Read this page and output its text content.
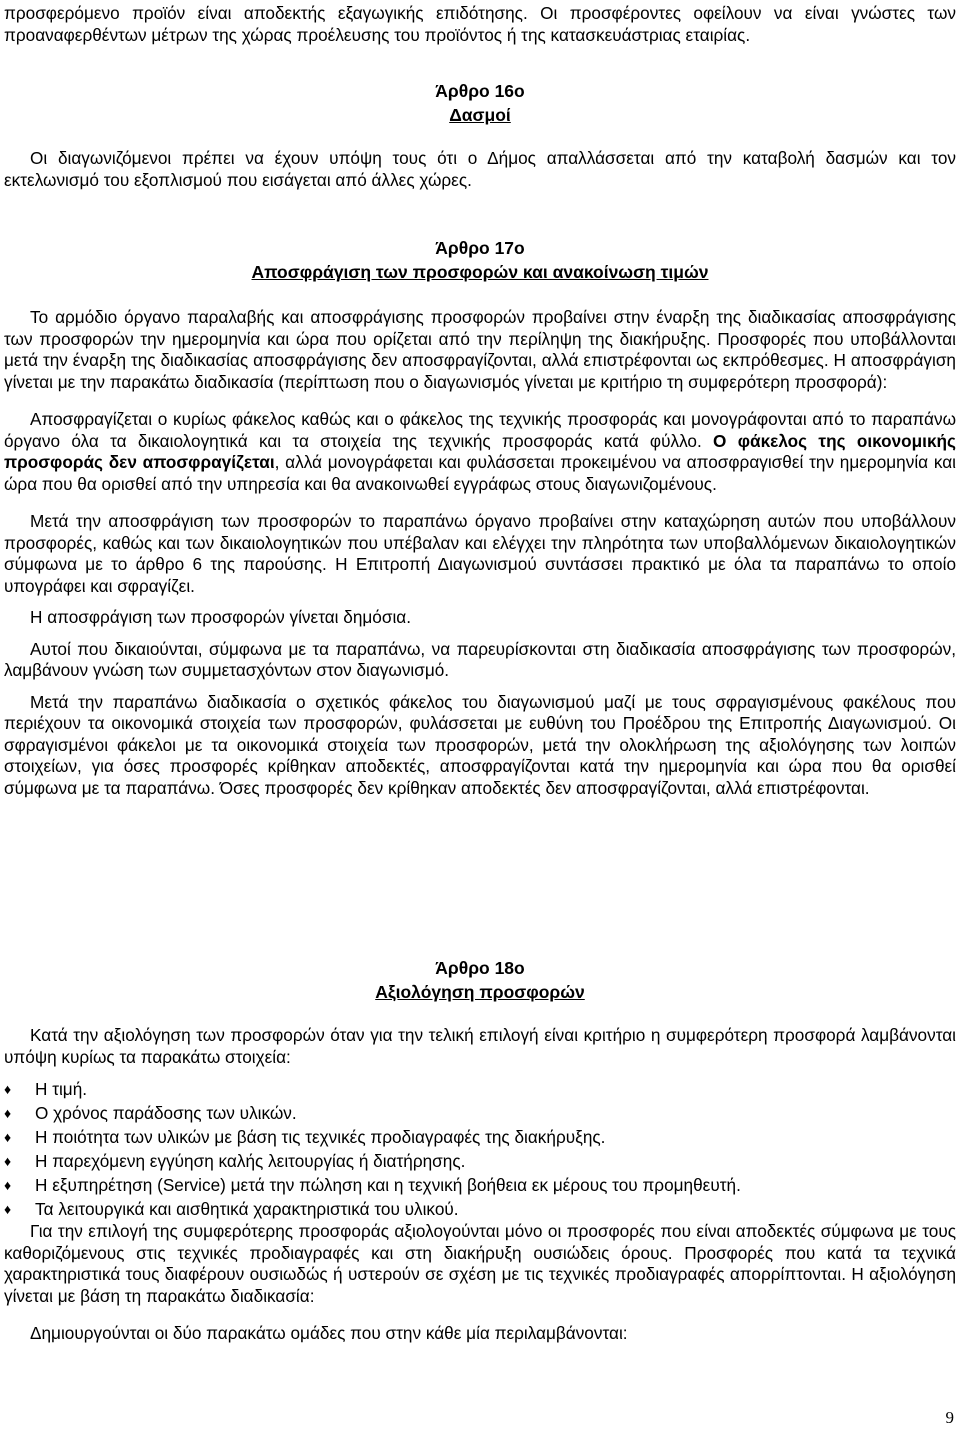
προσφερόμενο προϊόν είναι αποδεκτής εξαγωγικής επιδότησης. Οι προσφέροντες οφείλουν να είναι γνώστες των προαναφερθέντων μέτρων της χώρας προέλευσης του προϊόντος ή της κατασκευάστριας εταιρίας.

Άρθρο 16ο
Δασμοί

Οι διαγωνιζόμενοι πρέπει να έχουν υπόψη τους ότι ο Δήμος απαλλάσσεται από την καταβολή δασμών και τον εκτελωνισμό του εξοπλισμού που εισάγεται από άλλες χώρες.

Άρθρο 17ο
Αποσφράγιση των προσφορών και ανακοίνωση τιμών

Το αρμόδιο όργανο παραλαβής και αποσφράγισης προσφορών προβαίνει στην έναρξη της διαδικασίας αποσφράγισης των προσφορών την ημερομηνία και ώρα που ορίζεται από την περίληψη της διακήρυξης. Προσφορές που υποβάλλονται μετά την έναρξη της διαδικασίας αποσφράγισης δεν αποσφραγίζονται, αλλά επιστρέφονται ως εκπρόθεσμες. Η αποσφράγιση γίνεται με την παρακάτω διαδικασία (περίπτωση που ο διαγωνισμός γίνεται με κριτήριο τη συμφερότερη προσφορά):

Αποσφραγίζεται ο κυρίως φάκελος καθώς και ο φάκελος της τεχνικής προσφοράς και μονογράφονται από το παραπάνω όργανο όλα τα δικαιολογητικά και τα στοιχεία της τεχνικής προσφοράς κατά φύλλο. Ο φάκελος της οικονομικής προσφοράς δεν αποσφραγίζεται, αλλά μονογράφεται και φυλάσσεται προκειμένου να αποσφραγισθεί την ημερομηνία και ώρα που θα ορισθεί από την υπηρεσία και θα ανακοινωθεί εγγράφως στους διαγωνιζομένους.

Μετά την αποσφράγιση των προσφορών το παραπάνω όργανο προβαίνει στην καταχώρηση αυτών που υποβάλλουν προσφορές, καθώς και των δικαιολογητικών που υπέβαλαν και ελέγχει την πληρότητα των υποβαλλόμενων δικαιολογητικών σύμφωνα με το άρθρο 6 της παρούσης. Η Επιτροπή Διαγωνισμού συντάσσει πρακτικό με όλα τα παραπάνω το οποίο υπογράφει και σφραγίζει.

Η αποσφράγιση των προσφορών γίνεται δημόσια.

Αυτοί που δικαιούνται, σύμφωνα με τα παραπάνω, να παρευρίσκονται στη διαδικασία αποσφράγισης των προσφορών, λαμβάνουν γνώση των συμμετασχόντων στον διαγωνισμό.

Μετά την παραπάνω διαδικασία ο σχετικός φάκελος του διαγωνισμού μαζί με τους σφραγισμένους φακέλους που περιέχουν τα οικονομικά στοιχεία των προσφορών, φυλάσσεται με ευθύνη του Προέδρου της Επιτροπής Διαγωνισμού. Οι σφραγισμένοι φάκελοι με τα οικονομικά στοιχεία των προσφορών, μετά την ολοκλήρωση της αξιολόγησης των λοιπών στοιχείων, για όσες προσφορές κρίθηκαν αποδεκτές, αποσφραγίζονται κατά την ημερομηνία και ώρα που θα ορισθεί σύμφωνα με τα παραπάνω. Όσες προσφορές δεν κρίθηκαν αποδεκτές δεν αποσφραγίζονται, αλλά επιστρέφονται.

Άρθρο 18ο
Αξιολόγηση προσφορών

Κατά την αξιολόγηση των προσφορών όταν για την τελική επιλογή είναι κριτήριο η συμφερότερη προσφορά λαμβάνονται υπόψη κυρίως τα παρακάτω στοιχεία:

♦ Η τιμή.
♦ Ο χρόνος παράδοσης των υλικών.
♦ Η ποιότητα των υλικών με βάση τις τεχνικές προδιαγραφές της διακήρυξης.
♦ Η παρεχόμενη εγγύηση καλής λειτουργίας ή διατήρησης.
♦ Η εξυπηρέτηση (Service) μετά την πώληση και η τεχνική βοήθεια εκ μέρους του προμηθευτή.
♦ Τα λειτουργικά και αισθητικά χαρακτηριστικά του υλικού.

Για την επιλογή της συμφερότερης προσφοράς αξιολογούνται μόνο οι προσφορές που είναι αποδεκτές σύμφωνα με τους καθοριζόμενους στις τεχνικές προδιαγραφές και στη διακήρυξη ουσιώδεις όρους. Προσφορές που κατά τα τεχνικά χαρακτηριστικά τους διαφέρουν ουσιωδώς ή υστερούν σε σχέση με τις τεχνικές προδιαγραφές απορρίπτονται. Η αξιολόγηση γίνεται με βάση τη παρακάτω διαδικασία:

Δημιουργούνται οι δύο παρακάτω ομάδες που στην κάθε μία περιλαμβάνονται:

9
